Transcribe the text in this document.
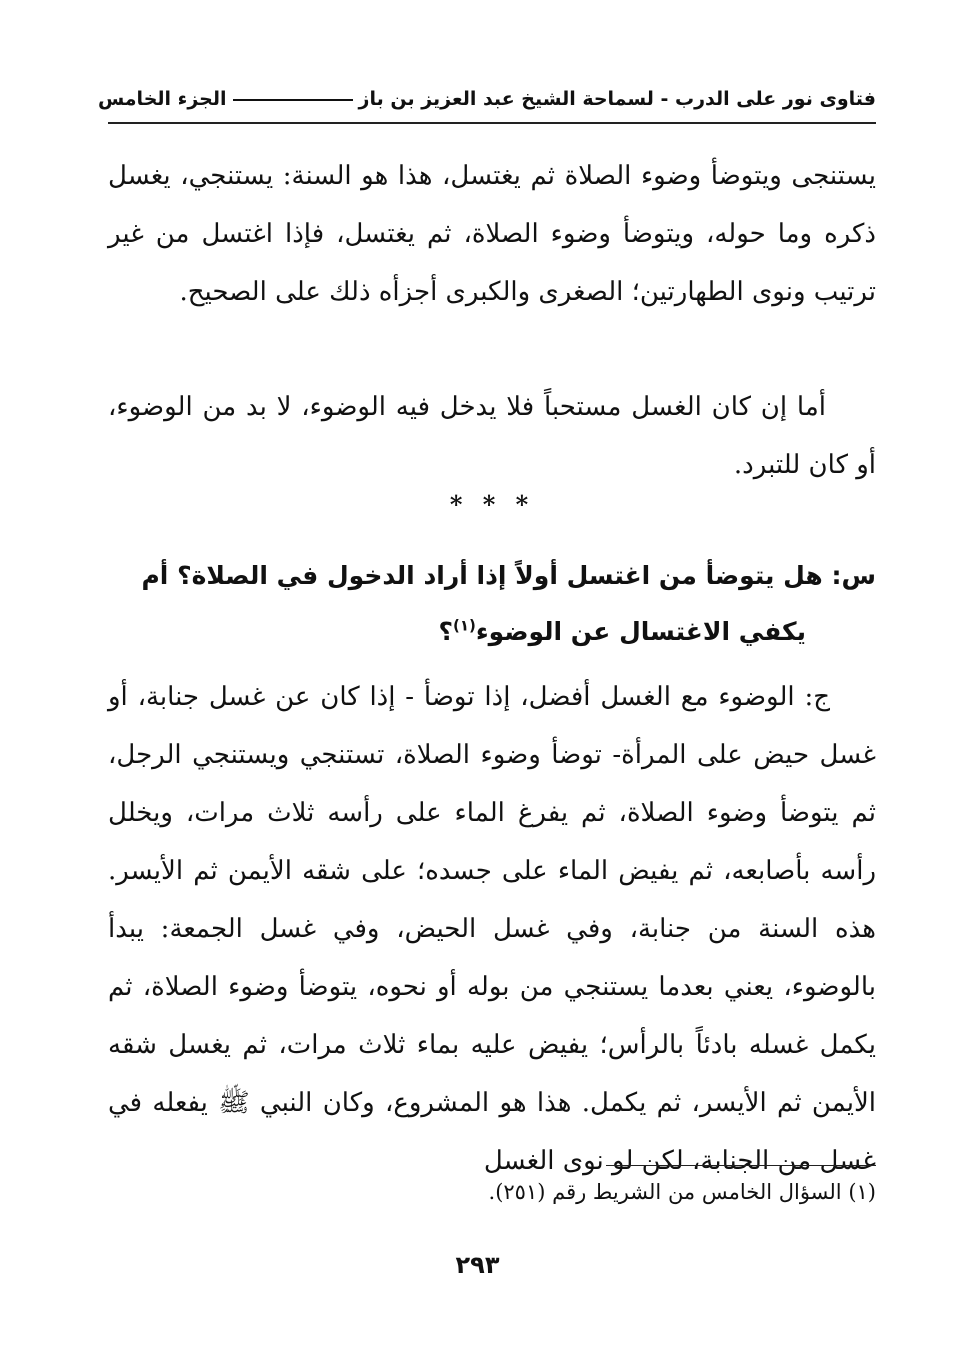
فتاوى نور على الدرب - لسماحة الشيخ عبد العزيز بن بازالجزء الخامس
يستنجى ويتوضأ وضوء الصلاة ثم يغتسل، هذا هو السنة: يستنجي، يغسل ذكره وما حوله، ويتوضأ وضوء الصلاة، ثم يغتسل، فإذا اغتسل من غير ترتيب ونوى الطهارتين؛ الصغرى والكبرى أجزأه ذلك على الصحيح.
أما إن كان الغسل مستحباً فلا يدخل فيه الوضوء، لا بد من الوضوء، أو كان للتبرد.
* * *
س: هل يتوضأ من اغتسل أولاً إذا أراد الدخول في الصلاة؟ أم يكفي الاغتسال عن الوضوء$^{(١)}$؟
ج: الوضوء مع الغسل أفضل، إذا توضأ - إذا كان عن غسل جنابة، أو غسل حيض على المرأة- توضأ وضوء الصلاة، تستنجي ويستنجي الرجل، ثم يتوضأ وضوء الصلاة، ثم يفرغ الماء على رأسه ثلاث مرات، ويخلل رأسه بأصابعه، ثم يفيض الماء على جسده؛ على شقه الأيمن ثم الأيسر. هذه السنة من جنابة، وفي غسل الحيض، وفي غسل الجمعة: يبدأ بالوضوء، يعني بعدما يستنجي من بوله أو نحوه، يتوضأ وضوء الصلاة، ثم يكمل غسله بادئاً بالرأس؛ يفيض عليه بماء ثلاث مرات، ثم يغسل شقه الأيمن ثم الأيسر، ثم يكمل. هذا هو المشروع، وكان النبي ﷺ يفعله في غسل من الجنابة، لكن لو نوى الغسل
(١) السؤال الخامس من الشريط رقم (٢٥١).
٢٩٣
